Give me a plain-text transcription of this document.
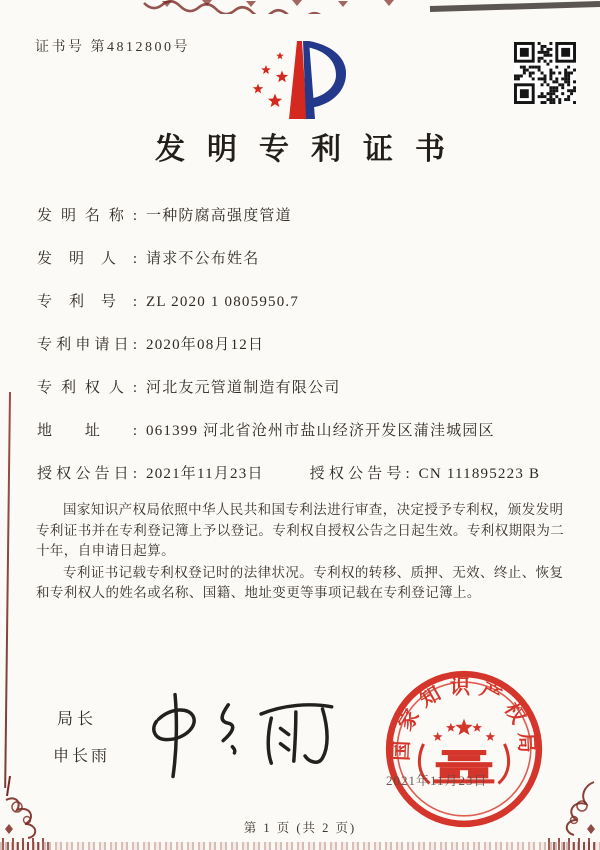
证书号 第4812800号
发明专利证书
发明名称: 一种防腐高强度管道
发明人: 请求不公布姓名
专利号: ZL 2020 1 0805950.7
专利申请日: 2020年08月12日
专利权人: 河北友元管道制造有限公司
地址: 061399 河北省沧州市盐山经济开发区蒲洼城园区
授权公告日: 2021年11月23日	授权公告号: CN 111895223 B

国家知识产权局依照中华人民共和国专利法进行审查，决定授予专利权，颁发发明专利证书并在专利登记簿上予以登记。专利权自授权公告之日起生效。专利权期限为二十年，自申请日起算。

专利证书记载专利权登记时的法律状况。专利权的转移、质押、无效、终止、恢复和专利权人的姓名或名称、国籍、地址变更等事项记载在专利登记簿上。

局长
申长雨	国家知识产权局
2021年11月23日
第 1 页 (共 2 页)
